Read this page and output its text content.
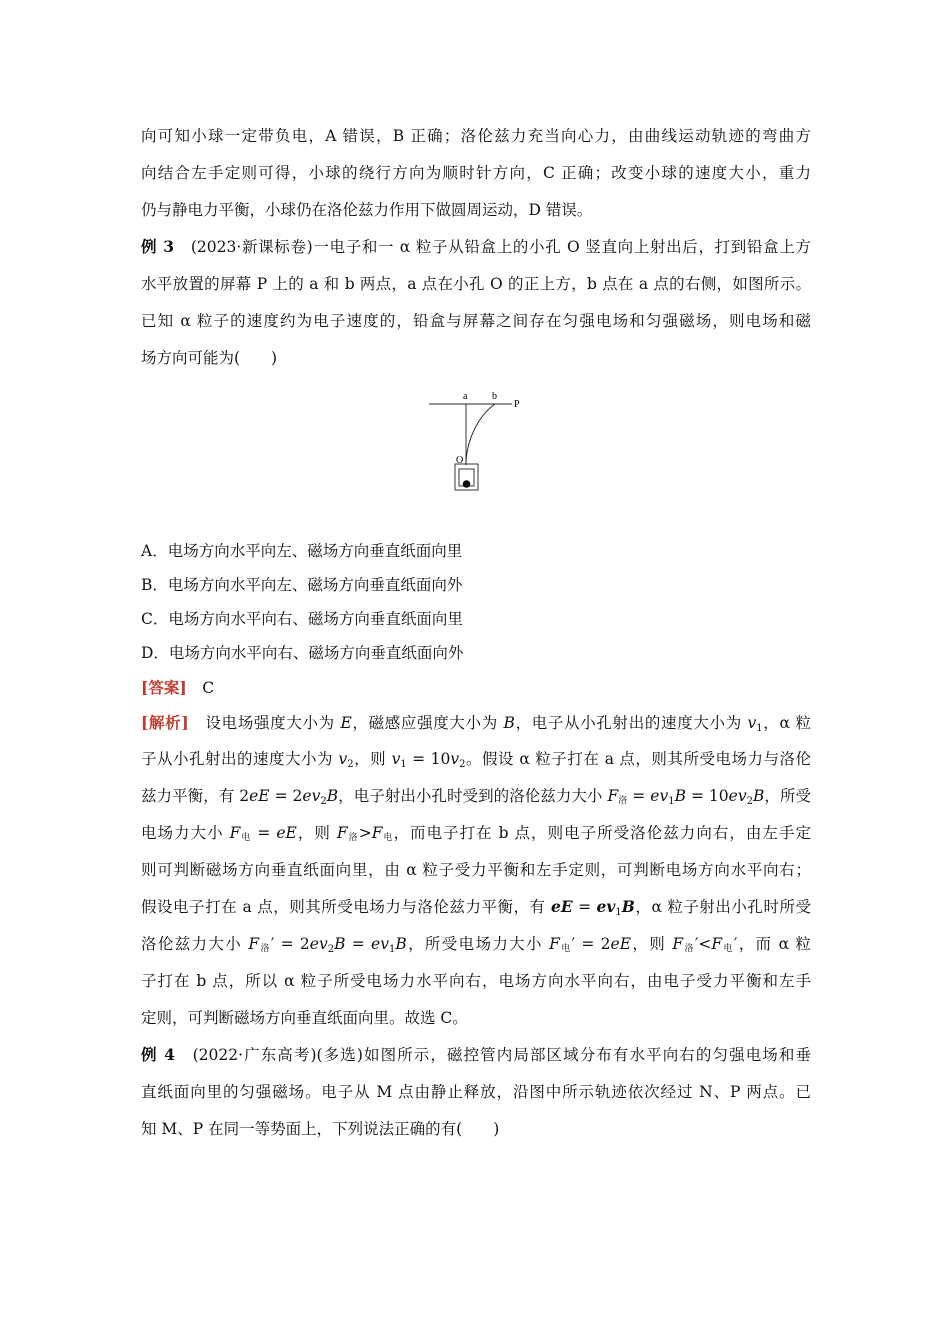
向可知小球一定带负电，A 错误，B 正确；洛伦兹力充当向心力，由曲线运动轨迹的弯曲方
向结合左手定则可得，小球的绕行方向为顺时针方向，C 正确；改变小球的速度大小，重力
仍与静电力平衡，小球仍在洛伦兹力作用下做圆周运动，D 错误。
例 3　 (2023·新课标卷)一电子和一 α 粒子从铅盒上的小孔 O 竖直向上射出后，打到铅盒上方
水平放置的屏幕 P 上的 a 和 b 两点，a 点在小孔 O 的正上方，b 点在 a 点的右侧，如图所示。
已知 α 粒子的速度约为电子速度的，铅盒与屏幕之间存在匀强电场和匀强磁场，则电场和磁
场方向可能为(　　)
a b
P
O
A．电场方向水平向左、磁场方向垂直纸面向里
B．电场方向水平向左、磁场方向垂直纸面向外
C．电场方向水平向右、磁场方向垂直纸面向里
D．电场方向水平向右、磁场方向垂直纸面向外
[答案]　 C
[解析]　 设电场强度大小为 E，磁感应强度大小为 B，电子从小孔射出的速度大小为 $v_1$，α 粒
子从小孔射出的速度大小为 $v_2$，则 $v_1 = 10v_2$。假设 α 粒子打在 a 点，则其所受电场力与洛伦
兹力平衡，有 $2eE = 2ev_2B$，电子射出小孔时受到的洛伦兹力大小 F洛 = $ev_1B = 10ev_2B$，所受
电场力大小 F电 = eE，则 F洛>F电，而电子打在 b 点，则电子所受洛伦兹力向右，由左手定
则可判断磁场方向垂直纸面向里，由 α 粒子受力平衡和左手定则，可判断电场方向水平向右；
假设电子打在 a 点，则其所受电场力与洛伦兹力平衡，有 eE = $ev_1B$，α 粒子射出小孔时所受
洛伦兹力大小 F洛′ = $2ev_2B = ev_1B$，所受电场力大小 F电′ = 2eE，则 F洛′<F电′，而 α 粒
子打在 b 点，所以 α 粒子所受电场力水平向右，电场方向水平向右，由电子受力平衡和左手
定则，可判断磁场方向垂直纸面向里。故选 C。
例 4　 (2022·广东高考)(多选)如图所示，磁控管内局部区域分布有水平向右的匀强电场和垂
直纸面向里的匀强磁场。电子从 M 点由静止释放，沿图中所示轨迹依次经过 N、P 两点。已
知 M、P 在同一等势面上，下列说法正确的有(　　)
